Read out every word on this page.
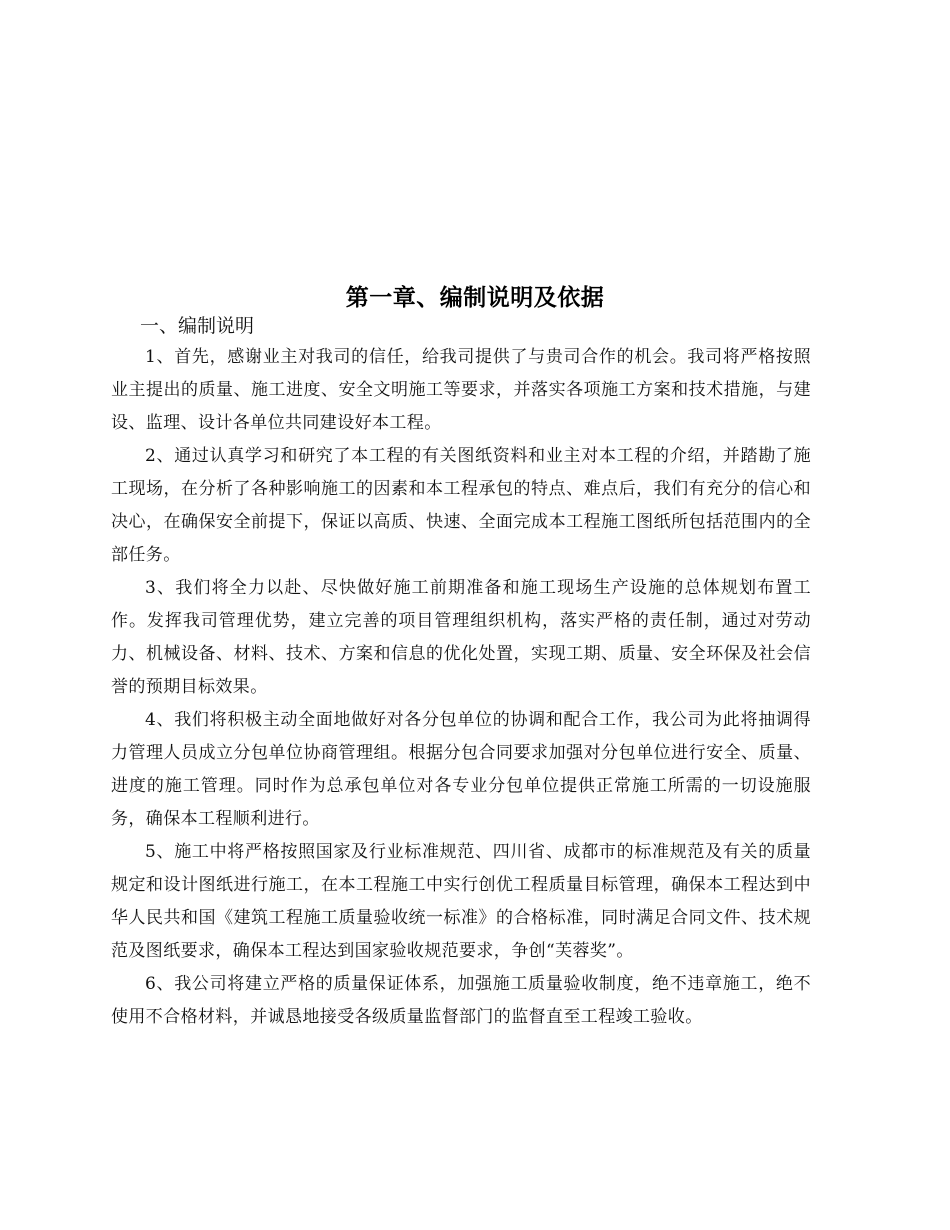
第一章、编制说明及依据
一、编制说明

1、首先，感谢业主对我司的信任，给我司提供了与贵司合作的机会。我司将严格按照业主提出的质量、施工进度、安全文明施工等要求，并落实各项施工方案和技术措施，与建设、监理、设计各单位共同建设好本工程。

2、通过认真学习和研究了本工程的有关图纸资料和业主对本工程的介绍，并踏勘了施工现场，在分析了各种影响施工的因素和本工程承包的特点、难点后，我们有充分的信心和决心，在确保安全前提下，保证以高质、快速、全面完成本工程施工图纸所包括范围内的全部任务。

3、我们将全力以赴、尽快做好施工前期准备和施工现场生产设施的总体规划布置工作。发挥我司管理优势，建立完善的项目管理组织机构，落实严格的责任制，通过对劳动力、机械设备、材料、技术、方案和信息的优化处置，实现工期、质量、安全环保及社会信誉的预期目标效果。

4、我们将积极主动全面地做好对各分包单位的协调和配合工作，我公司为此将抽调得力管理人员成立分包单位协商管理组。根据分包合同要求加强对分包单位进行安全、质量、进度的施工管理。同时作为总承包单位对各专业分包单位提供正常施工所需的一切设施服务，确保本工程顺利进行。

5、施工中将严格按照国家及行业标准规范、四川省、成都市的标准规范及有关的质量规定和设计图纸进行施工，在本工程施工中实行创优工程质量目标管理，确保本工程达到中华人民共和国《建筑工程施工质量验收统一标准》的合格标准，同时满足合同文件、技术规范及图纸要求，确保本工程达到国家验收规范要求，争创“芙蓉奖”。

6、我公司将建立严格的质量保证体系，加强施工质量验收制度，绝不违章施工，绝不使用不合格材料，并诚恳地接受各级质量监督部门的监督直至工程竣工验收。
